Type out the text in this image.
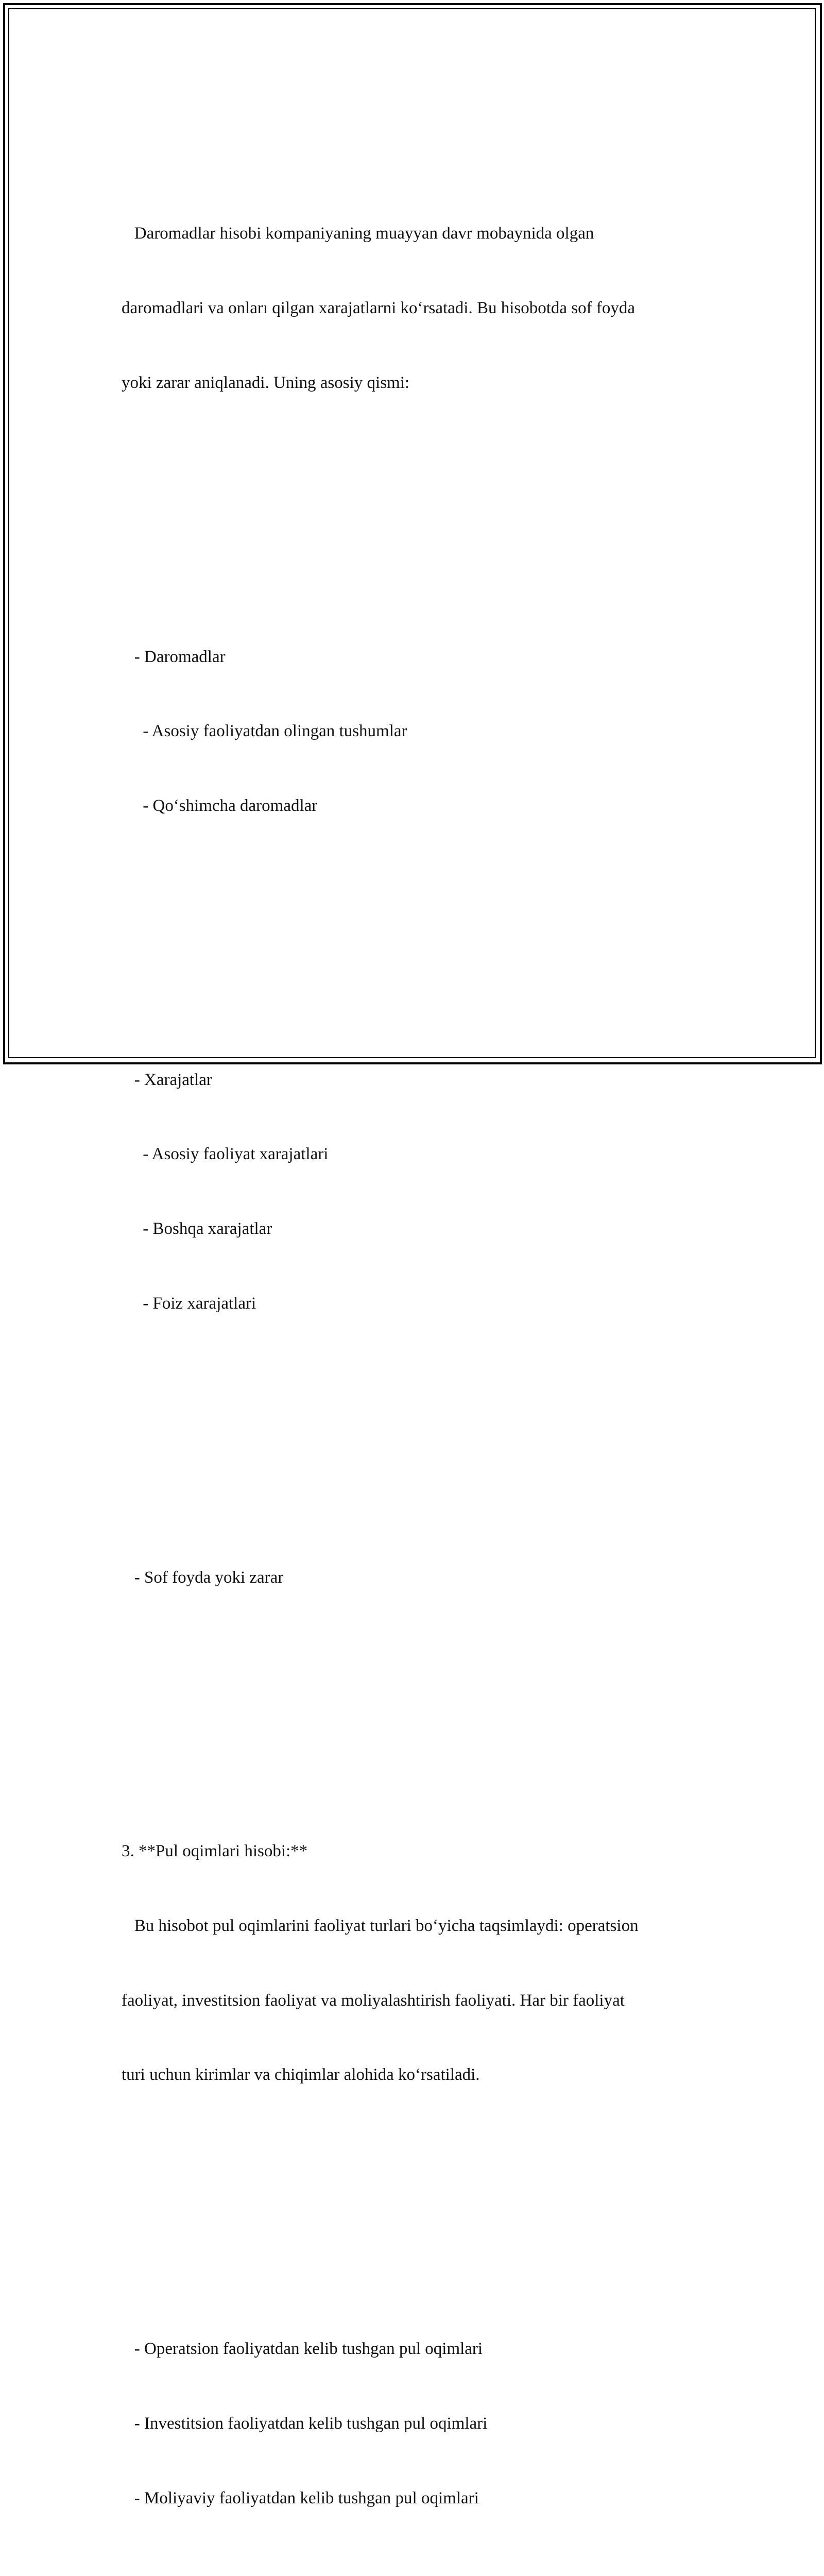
Daromadlar hisobi kompaniyaning muayyan davr mobaynida olgan

daromadlari va onları qilgan xarajatlarni koʻrsatadi. Bu hisobotda sof foyda

yoki zarar aniqlanadi. Uning asosiy qismi:

- Daromadlar

- Asosiy faoliyatdan olingan tushumlar

- Qoʻshimcha daromadlar

- Xarajatlar

- Asosiy faoliyat xarajatlari

- Boshqa xarajatlar

- Foiz xarajatlari

- Sof foyda yoki zarar

3. **Pul oqimlari hisobi:**

Bu hisobot pul oqimlarini faoliyat turlari boʻyicha taqsimlaydi: operatsion

faoliyat, investitsion faoliyat va moliyalashtirish faoliyati. Har bir faoliyat

turi uchun kirimlar va chiqimlar alohida koʻrsatiladi.

- Operatsion faoliyatdan kelib tushgan pul oqimlari

- Investitsion faoliyatdan kelib tushgan pul oqimlari

- Moliyaviy faoliyatdan kelib tushgan pul oqimlari
